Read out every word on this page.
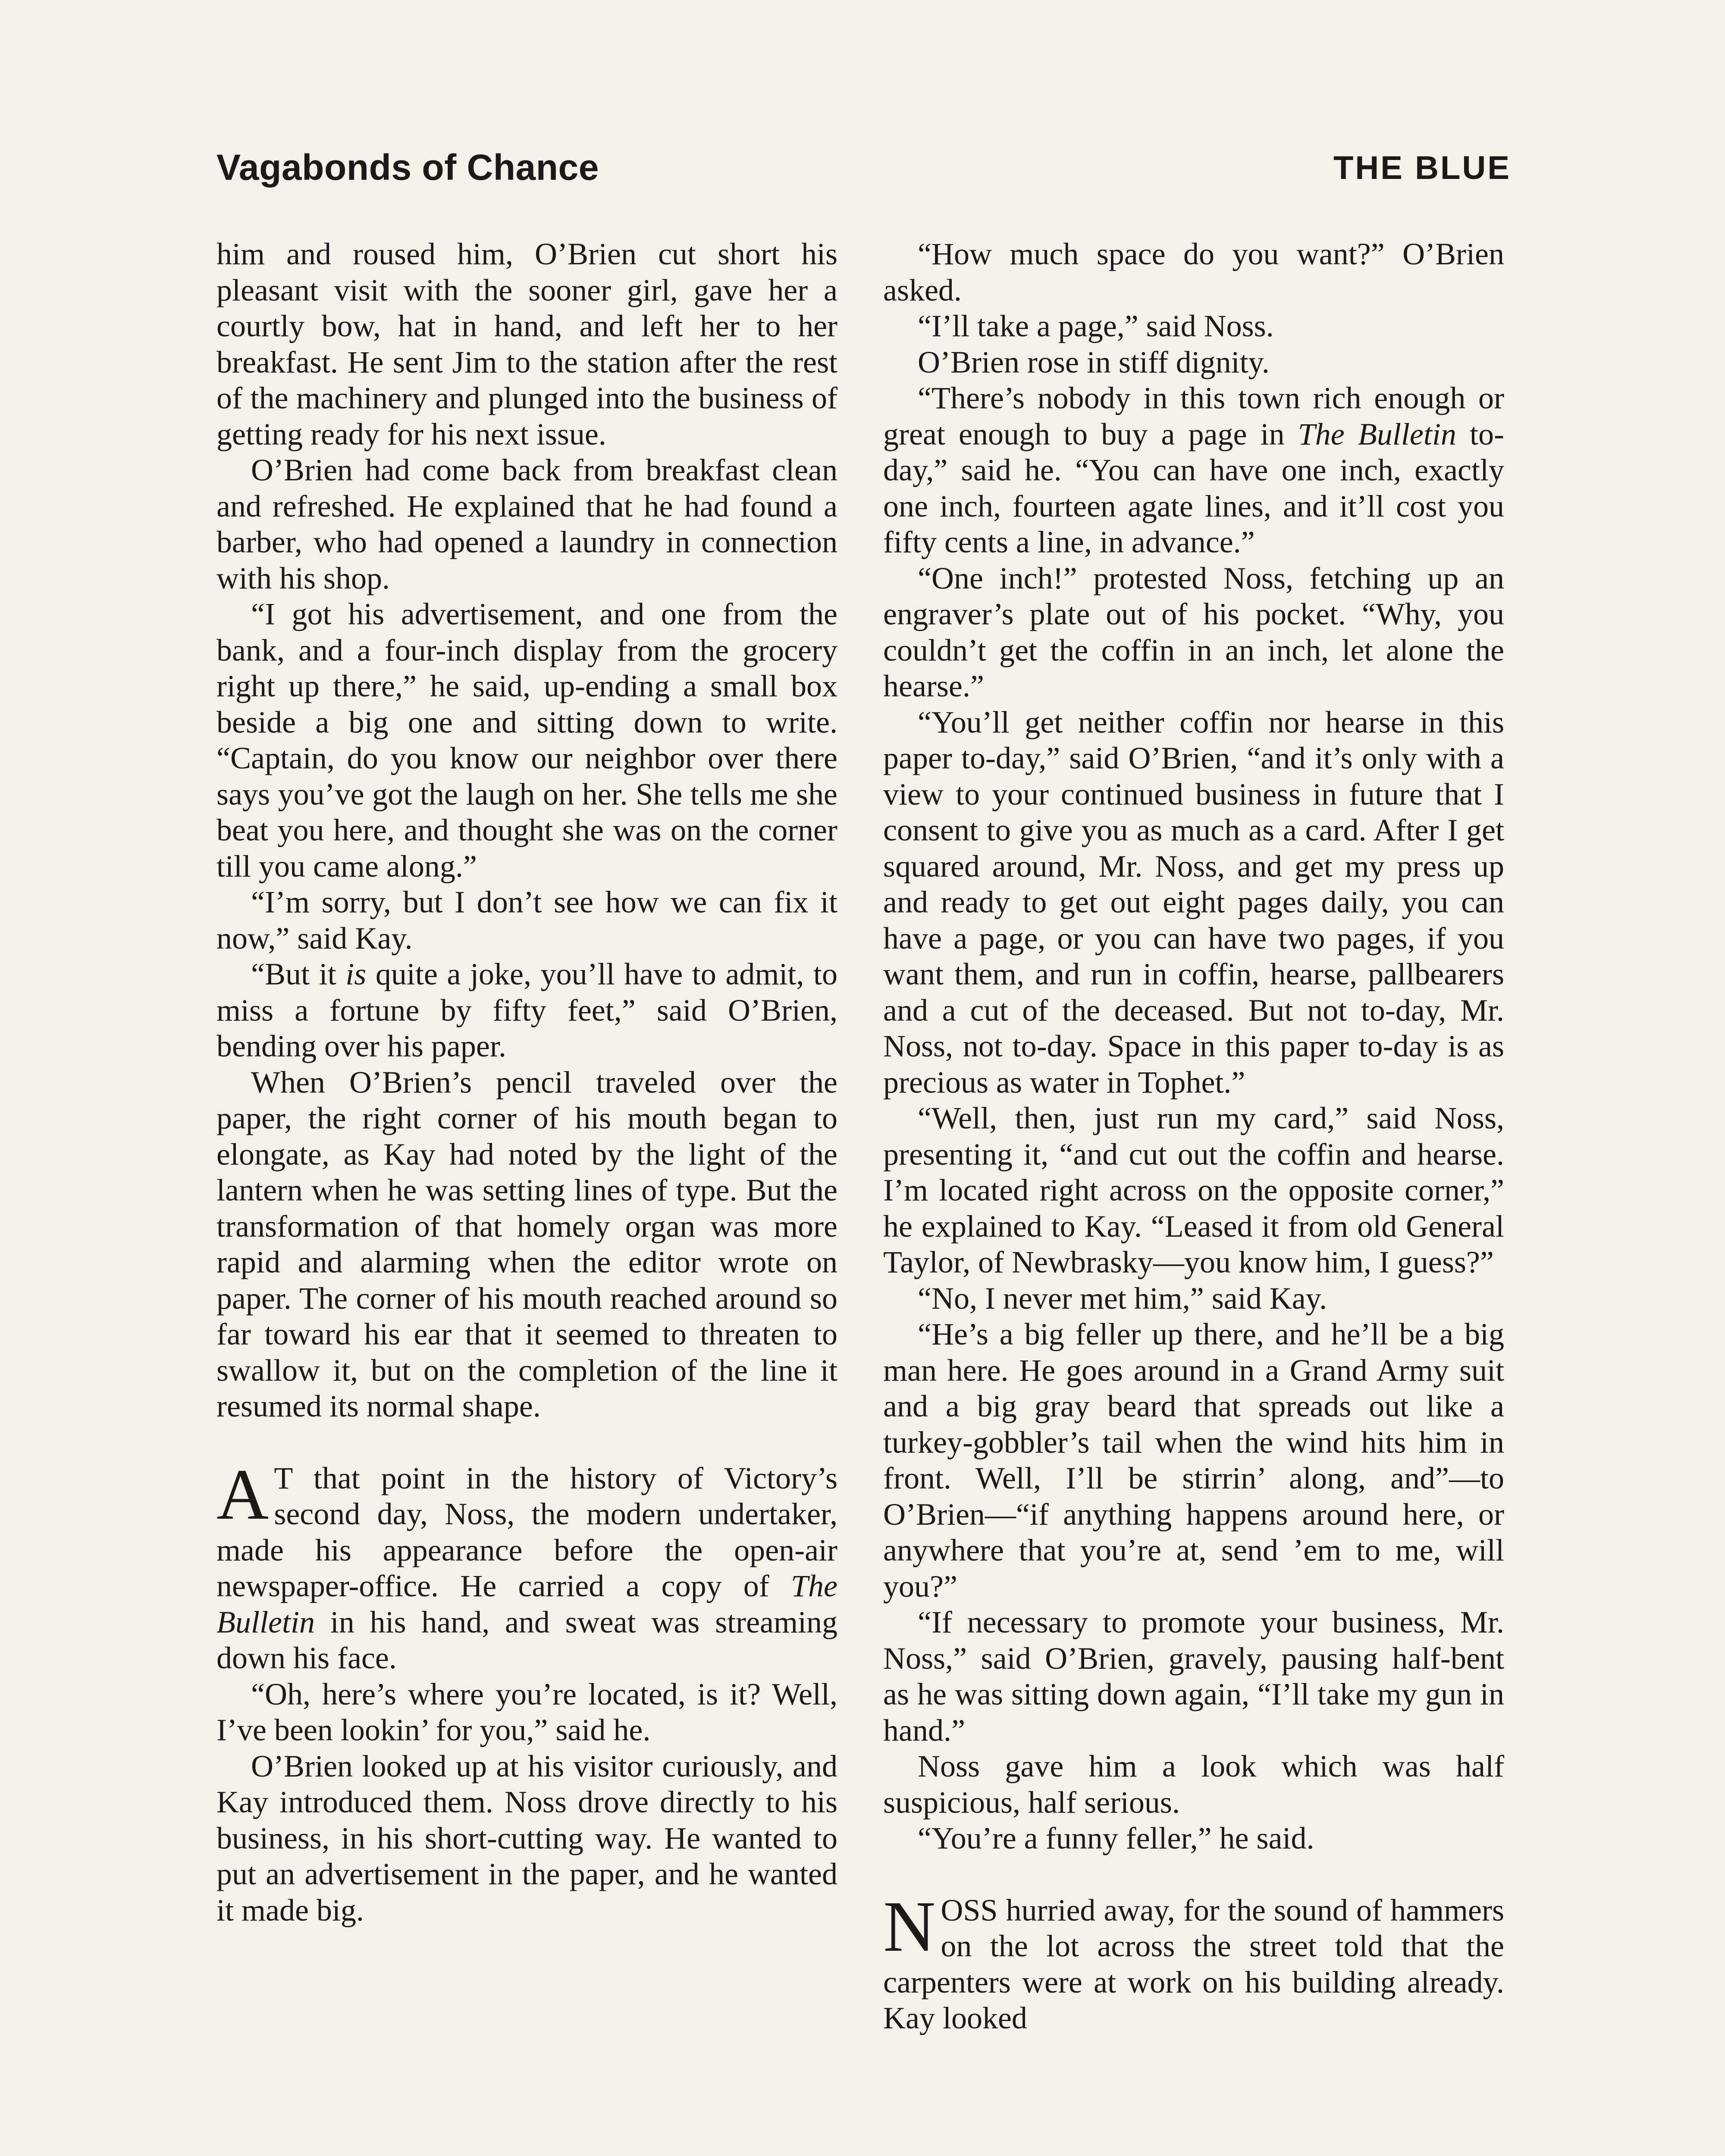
Vagabonds of Chance	THE BLUE

him and roused him, O’Brien cut short his pleasant visit with the sooner girl, gave her a courtly bow, hat in hand, and left her to her breakfast. He sent Jim to the station after the rest of the machinery and plunged into the business of getting ready for his next issue.

O’Brien had come back from breakfast clean and refreshed. He explained that he had found a barber, who had opened a laundry in connection with his shop.

“I got his advertisement, and one from the bank, and a four-inch display from the grocery right up there,” he said, up-ending a small box beside a big one and sitting down to write. “Captain, do you know our neighbor over there says you’ve got the laugh on her. She tells me she beat you here, and thought she was on the corner till you came along.”

“I’m sorry, but I don’t see how we can fix it now,” said Kay.

“But it is quite a joke, you’ll have to admit, to miss a fortune by fifty feet,” said O’Brien, bending over his paper.

When O’Brien’s pencil traveled over the paper, the right corner of his mouth began to elongate, as Kay had noted by the light of the lantern when he was setting lines of type. But the transformation of that homely organ was more rapid and alarming when the editor wrote on paper. The corner of his mouth reached around so far toward his ear that it seemed to threaten to swallow it, but on the completion of the line it resumed its normal shape.

A T that point in the history of Victory’s second day, Noss, the modern undertaker, made his appearance before the open-air newspaper-office. He carried a copy of The Bulletin in his hand, and sweat was streaming down his face.

“Oh, here’s where you’re located, is it? Well, I’ve been lookin’ for you,” said he.

O’Brien looked up at his visitor curiously, and Kay introduced them. Noss drove directly to his business, in his short-cutting way. He wanted to put an advertisement in the paper, and he wanted it made big.

“How much space do you want?” O’Brien asked.

“I’ll take a page,” said Noss.

O’Brien rose in stiff dignity.

“There’s nobody in this town rich enough or great enough to buy a page in The Bulletin to-day,” said he. “You can have one inch, exactly one inch, fourteen agate lines, and it’ll cost you fifty cents a line, in advance.”

“One inch!” protested Noss, fetching up an engraver’s plate out of his pocket. “Why, you couldn’t get the coffin in an inch, let alone the hearse.”

“You’ll get neither coffin nor hearse in this paper to-day,” said O’Brien, “and it’s only with a view to your continued business in future that I consent to give you as much as a card. After I get squared around, Mr. Noss, and get my press up and ready to get out eight pages daily, you can have a page, or you can have two pages, if you want them, and run in coffin, hearse, pallbearers and a cut of the deceased. But not to-day, Mr. Noss, not to-day. Space in this paper to-day is as precious as water in Tophet.”

“Well, then, just run my card,” said Noss, presenting it, “and cut out the coffin and hearse. I’m located right across on the opposite corner,” he explained to Kay. “Leased it from old General Taylor, of Newbrasky—you know him, I guess?”

“No, I never met him,” said Kay.

“He’s a big feller up there, and he’ll be a big man here. He goes around in a Grand Army suit and a big gray beard that spreads out like a turkey-gobbler’s tail when the wind hits him in front. Well, I’ll be stirrin’ along, and”—to O’Brien—“if anything happens around here, or anywhere that you’re at, send ’em to me, will you?”

“If necessary to promote your business, Mr. Noss,” said O’Brien, gravely, pausing half-bent as he was sitting down again, “I’ll take my gun in hand.”

Noss gave him a look which was half suspicious, half serious.

“You’re a funny feller,” he said.

NOSS hurried away, for the sound of hammers on the lot across the street told that the carpenters were at work on his building already. Kay looked
